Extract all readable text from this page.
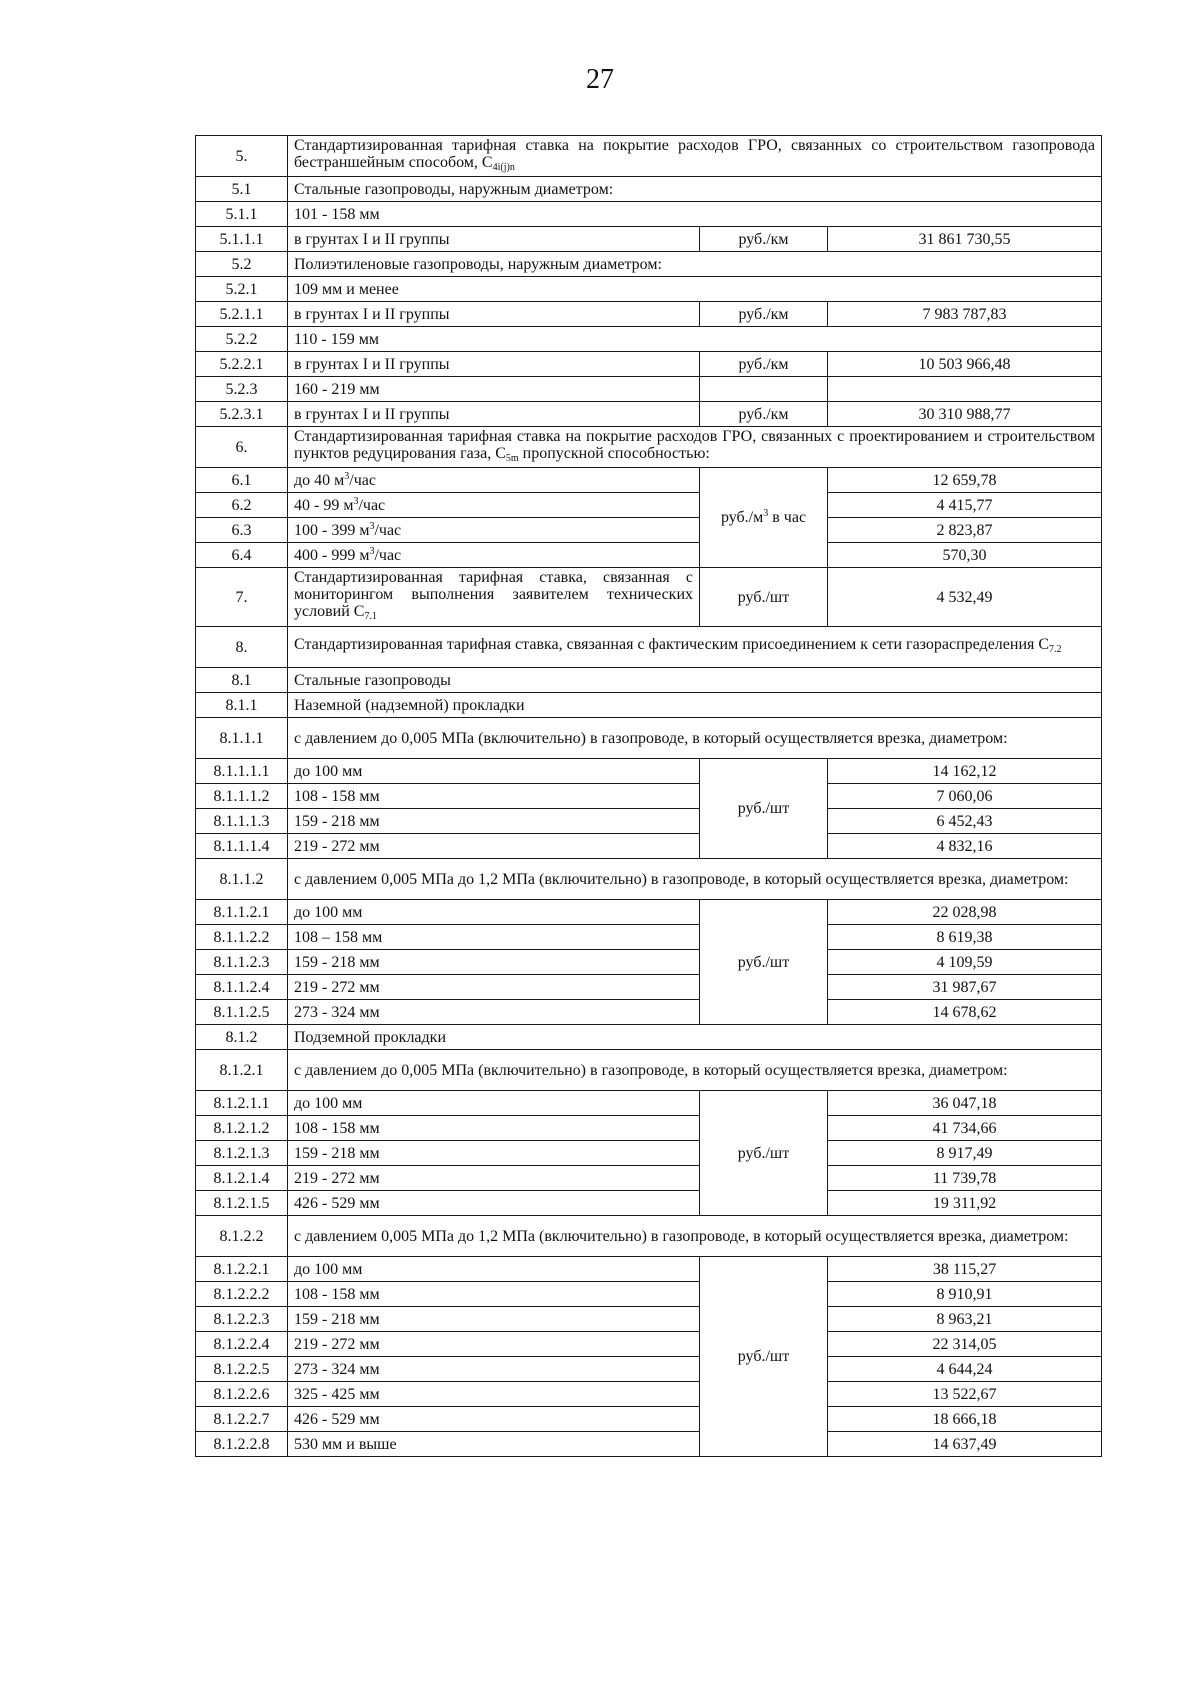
27
5.	Стандартизированная тарифная ставка на покрытие расходов ГРО, связанных со строительством газопровода бестраншейным способом, $С_{4i(j)n}$
5.1	Стальные газопроводы, наружным диаметром:		
5.1.1	101 - 158 мм		
5.1.1.1	в грунтах I и II группы	руб./км	31 861 730,55
5.2	Полиэтиленовые газопроводы, наружным диаметром:		
5.2.1	109 мм и менее		
5.2.1.1	в грунтах I и II группы	руб./км	7 983 787,83
5.2.2	110 - 159 мм		
5.2.2.1	в грунтах I и II группы	руб./км	10 503 966,48
5.2.3	160 - 219 мм		
5.2.3.1	в грунтах I и II группы	руб./км	30 310 988,77
6.	Стандартизированная тарифная ставка на покрытие расходов ГРО, связанных с проектированием и строительством пунктов редуцирования газа, $С_{5m}$ пропускной способностью:		
6.1	до 40 $м^3$/час	$руб./м^3$ в час	12 659,78
6.2	40 - 99 $м^3$/час		4 415,77
6.3	100 - 399 $м^3$/час		2 823,87
6.4	400 - 999 $м^3$/час		570,30
7.	Стандартизированная тарифная ставка, связанная с мониторингом выполнения заявителем технических условий $С_{7.1}$	руб./шт	4 532,49
8.	Стандартизированная тарифная ставка, связанная с фактическим присоединением к сети газораспределения $С_{7.2}$
8.1	Стальные газопроводы		
8.1.1	Наземной (надземной) прокладки		
8.1.1.1	с давлением до 0,005 МПа (включительно) в газопроводе, в который осуществляется врезка, диаметром:		
8.1.1.1.1	до 100 мм	руб./шт	14 162,12
8.1.1.1.2	108 - 158 мм		7 060,06
8.1.1.1.3	159 - 218 мм		6 452,43
8.1.1.1.4	219 - 272 мм		4 832,16
8.1.1.2	с давлением 0,005 МПа до 1,2 МПа (включительно) в газопроводе, в который осуществляется врезка, диаметром:		
8.1.1.2.1	до 100 мм	руб./шт	22 028,98
8.1.1.2.2	108 – 158 мм		8 619,38
8.1.1.2.3	159 - 218 мм		4 109,59
8.1.1.2.4	219 - 272 мм		31 987,67
8.1.1.2.5	273 - 324 мм		14 678,62
8.1.2	Подземной прокладки		
8.1.2.1	с давлением до 0,005 МПа (включительно) в газопроводе, в который осуществляется врезка, диаметром:		
8.1.2.1.1	до 100 мм	руб./шт	36 047,18
8.1.2.1.2	108 - 158 мм		41 734,66
8.1.2.1.3	159 - 218 мм		8 917,49
8.1.2.1.4	219 - 272 мм		11 739,78
8.1.2.1.5	426 - 529 мм		19 311,92
8.1.2.2	с давлением 0,005 МПа до 1,2 МПа (включительно) в газопроводе, в который осуществляется врезка, диаметром:		
8.1.2.2.1	до 100 мм	руб./шт	38 115,27
8.1.2.2.2	108 - 158 мм		8 910,91
8.1.2.2.3	159 - 218 мм		8 963,21
8.1.2.2.4	219 - 272 мм		22 314,05
8.1.2.2.5	273 - 324 мм		4 644,24
8.1.2.2.6	325 - 425 мм		13 522,67
8.1.2.2.7	426 - 529 мм		18 666,18
8.1.2.2.8	530 мм и выше		14 637,49
